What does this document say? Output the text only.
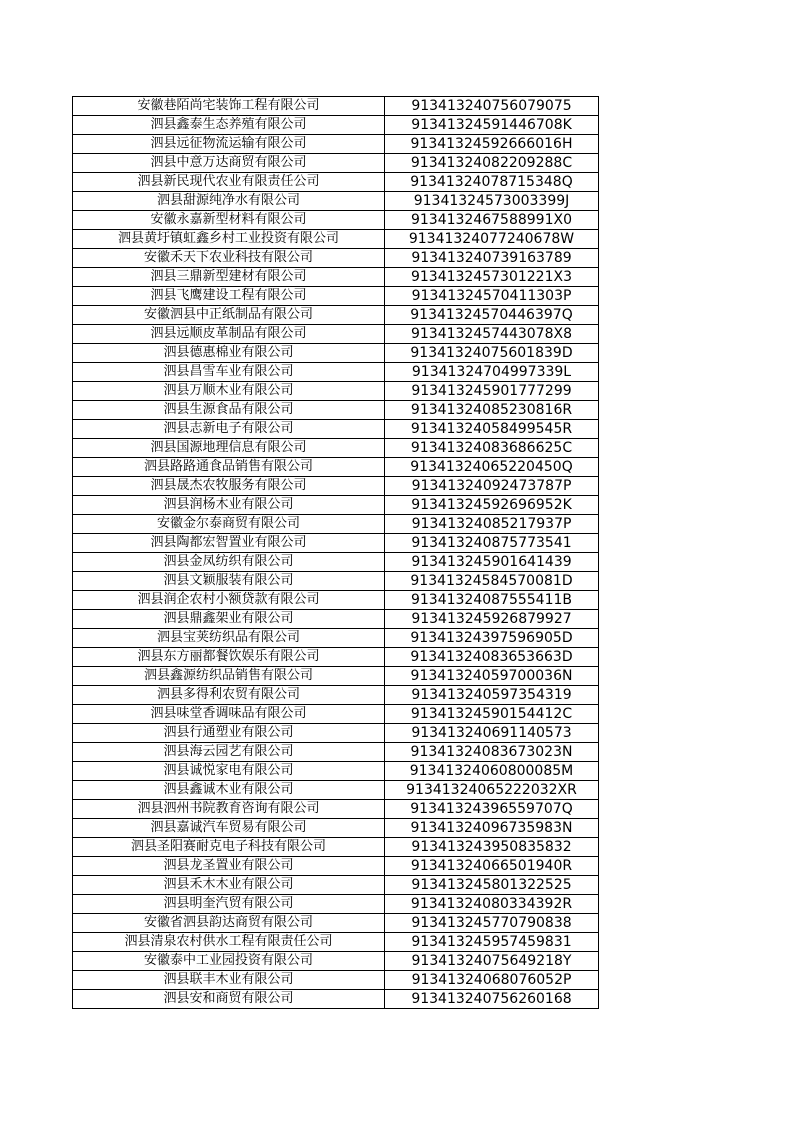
安徽巷陌尚宅装饰工程有限公司	913413240756079075
泗县鑫泰生态养殖有限公司	91341324591446708K
泗县远征物流运输有限公司	91341324592666016H
泗县中意万达商贸有限公司	91341324082209288C
泗县新民现代农业有限责任公司	91341324078715348Q
泗县甜源纯净水有限公司	91341324573003399J
安徽永嘉新型材料有限公司	9134132467588991X0
泗县黄圩镇虹鑫乡村工业投资有限公司	91341324077240678W
安徽禾天下农业科技有限公司	913413240739163789
泗县三鼎新型建材有限公司	9134132457301221X3
泗县飞鹰建设工程有限公司	91341324570411303P
安徽泗县中正纸制品有限公司	91341324570446397Q
泗县远顺皮革制品有限公司	9134132457443078X8
泗县德惠棉业有限公司	91341324075601839D
泗县昌雪车业有限公司	91341324704997339L
泗县万顺木业有限公司	913413245901777299
泗县生源食品有限公司	91341324085230816R
泗县志新电子有限公司	91341324058499545R
泗县国源地理信息有限公司	91341324083686625C
泗县路路通食品销售有限公司	91341324065220450Q
泗县晟杰农牧服务有限公司	91341324092473787P
泗县润杨木业有限公司	91341324592696952K
安徽金尔泰商贸有限公司	91341324085217937P
泗县陶都宏智置业有限公司	913413240875773541
泗县金凤纺织有限公司	913413245901641439
泗县文颖服装有限公司	91341324584570081D
泗县润企农村小额贷款有限公司	91341324087555411B
泗县鼎鑫架业有限公司	913413245926879927
泗县宝荚纺织品有限公司	91341324397596905D
泗县东方丽都餐饮娱乐有限公司	91341324083653663D
泗县鑫源纺织品销售有限公司	91341324059700036N
泗县多得利农贸有限公司	913413240597354319
泗县味堂香调味品有限公司	91341324590154412C
泗县行通塑业有限公司	913413240691140573
泗县海云园艺有限公司	91341324083673023N
泗县诚悦家电有限公司	91341324060800085M
泗县鑫诚木业有限公司	91341324065222032XR
泗县泗州书院教育咨询有限公司	91341324396559707Q
泗县嘉诚汽车贸易有限公司	91341324096735983N
泗县圣阳赛耐克电子科技有限公司	913413243950835832
泗县龙圣置业有限公司	91341324066501940R
泗县禾木木业有限公司	913413245801322525
泗县明奎汽贸有限公司	91341324080334392R
安徽省泗县韵达商贸有限公司	913413245770790838
泗县清泉农村供水工程有限责任公司	913413245957459831
安徽泰中工业园投资有限公司	91341324075649218Y
泗县联丰木业有限公司	91341324068076052P
泗县安和商贸有限公司	913413240756260168
